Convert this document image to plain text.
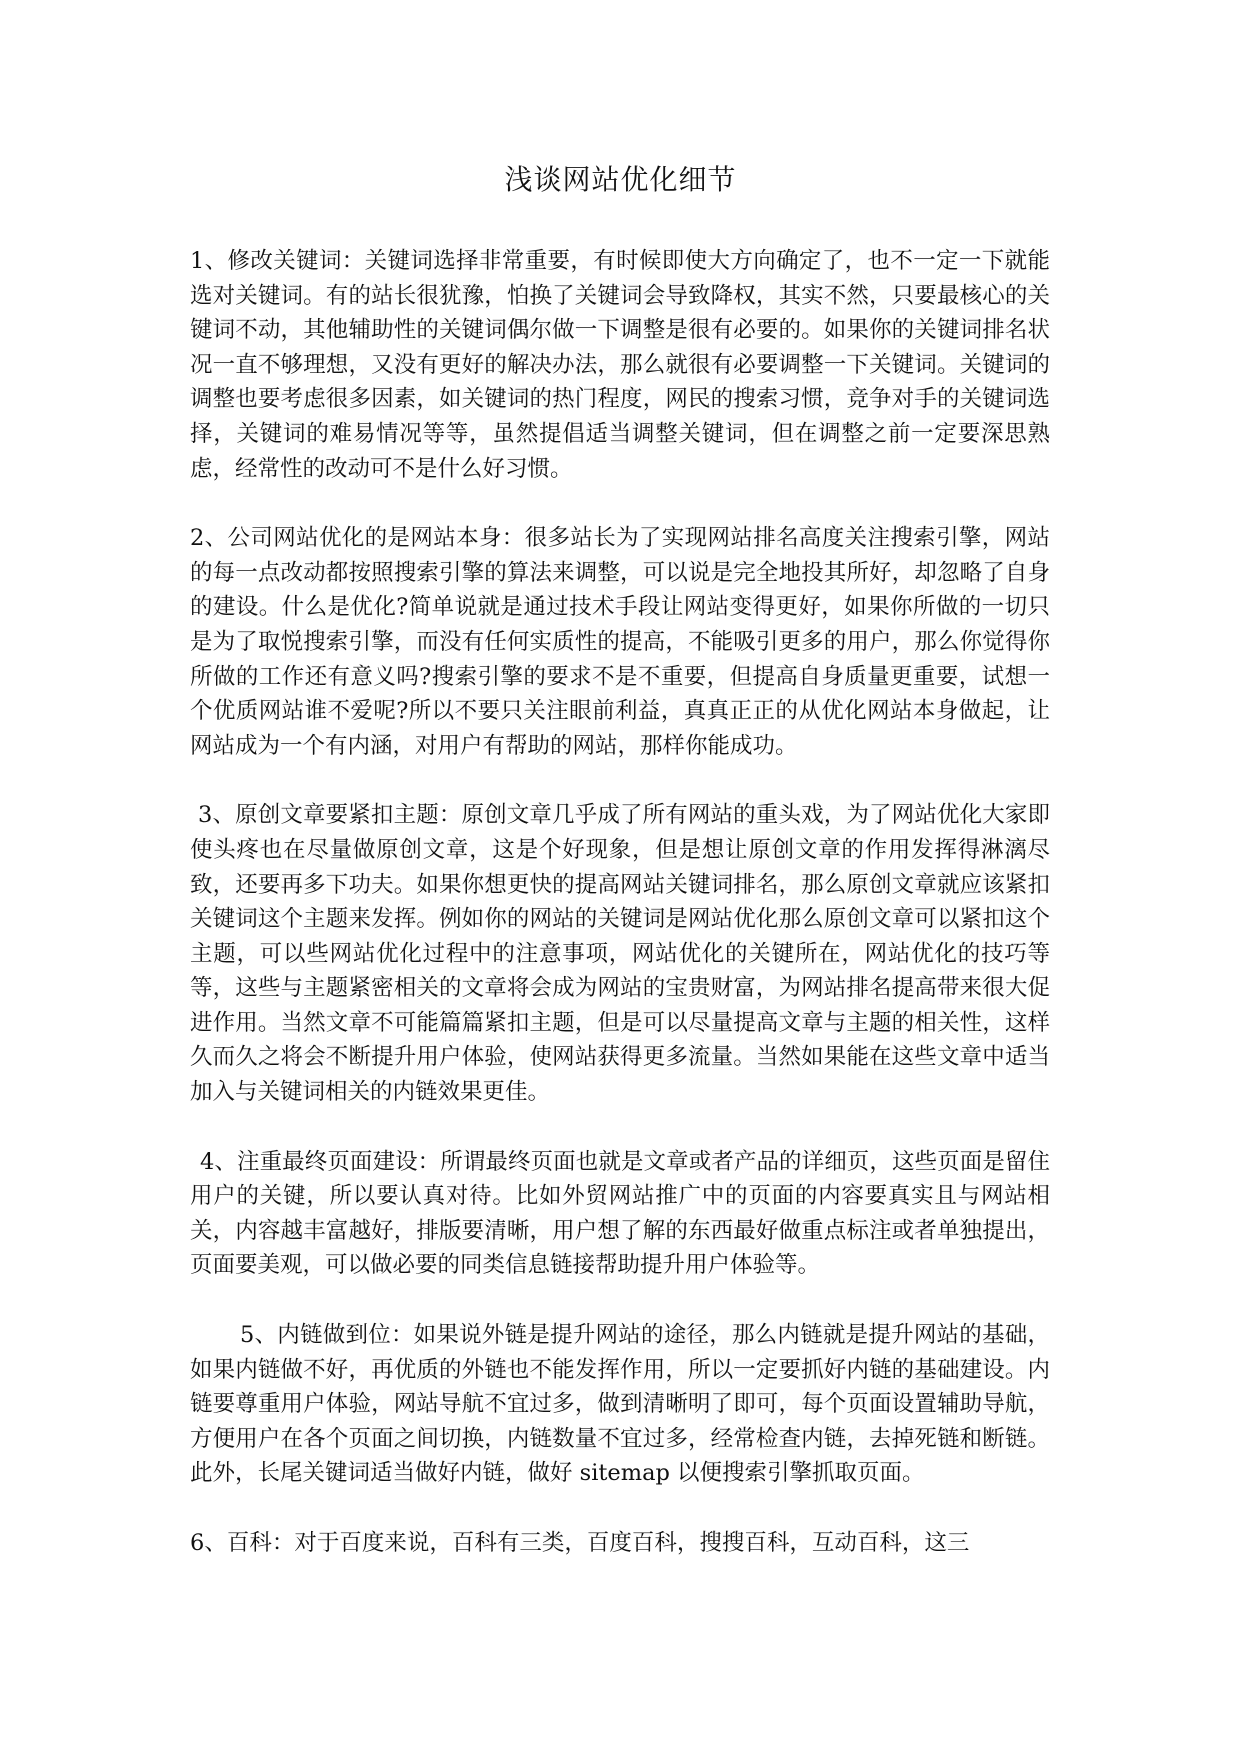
浅谈网站优化细节

1、修改关键词：关键词选择非常重要，有时候即使大方向确定了，也不一定一下就能选对关键词。有的站长很犹豫，怕换了关键词会导致降权，其实不然，只要最核心的关键词不动，其他辅助性的关键词偶尔做一下调整是很有必要的。如果你的关键词排名状况一直不够理想，又没有更好的解决办法，那么就很有必要调整一下关键词。关键词的调整也要考虑很多因素，如关键词的热门程度，网民的搜索习惯，竞争对手的关键词选择，关键词的难易情况等等，虽然提倡适当调整关键词，但在调整之前一定要深思熟虑，经常性的改动可不是什么好习惯。

2、公司网站优化的是网站本身：很多站长为了实现网站排名高度关注搜索引擎，网站的每一点改动都按照搜索引擎的算法来调整，可以说是完全地投其所好，却忽略了自身的建设。什么是优化?简单说就是通过技术手段让网站变得更好，如果你所做的一切只是为了取悦搜索引擎，而没有任何实质性的提高，不能吸引更多的用户，那么你觉得你所做的工作还有意义吗?搜索引擎的要求不是不重要，但提高自身质量更重要，试想一个优质网站谁不爱呢?所以不要只关注眼前利益，真真正正的从优化网站本身做起，让网站成为一个有内涵，对用户有帮助的网站，那样你能成功。

3、原创文章要紧扣主题：原创文章几乎成了所有网站的重头戏，为了网站优化大家即使头疼也在尽量做原创文章，这是个好现象，但是想让原创文章的作用发挥得淋漓尽致，还要再多下功夫。如果你想更快的提高网站关键词排名，那么原创文章就应该紧扣关键词这个主题来发挥。例如你的网站的关键词是网站优化那么原创文章可以紧扣这个主题，可以些网站优化过程中的注意事项，网站优化的关键所在，网站优化的技巧等等，这些与主题紧密相关的文章将会成为网站的宝贵财富，为网站排名提高带来很大促进作用。当然文章不可能篇篇紧扣主题，但是可以尽量提高文章与主题的相关性，这样久而久之将会不断提升用户体验，使网站获得更多流量。当然如果能在这些文章中适当加入与关键词相关的内链效果更佳。

4、注重最终页面建设：所谓最终页面也就是文章或者产品的详细页，这些页面是留住用户的关键，所以要认真对待。比如外贸网站推广中的页面的内容要真实且与网站相关，内容越丰富越好，排版要清晰，用户想了解的东西最好做重点标注或者单独提出，页面要美观，可以做必要的同类信息链接帮助提升用户体验等。

5、内链做到位：如果说外链是提升网站的途径，那么内链就是提升网站的基础，如果内链做不好，再优质的外链也不能发挥作用，所以一定要抓好内链的基础建设。内链要尊重用户体验，网站导航不宜过多，做到清晰明了即可，每个页面设置辅助导航，方便用户在各个页面之间切换，内链数量不宜过多，经常检查内链，去掉死链和断链。此外，长尾关键词适当做好内链，做好 sitemap 以便搜索引擎抓取页面。

6、百科：对于百度来说，百科有三类，百度百科，搜搜百科，互动百科，这三
